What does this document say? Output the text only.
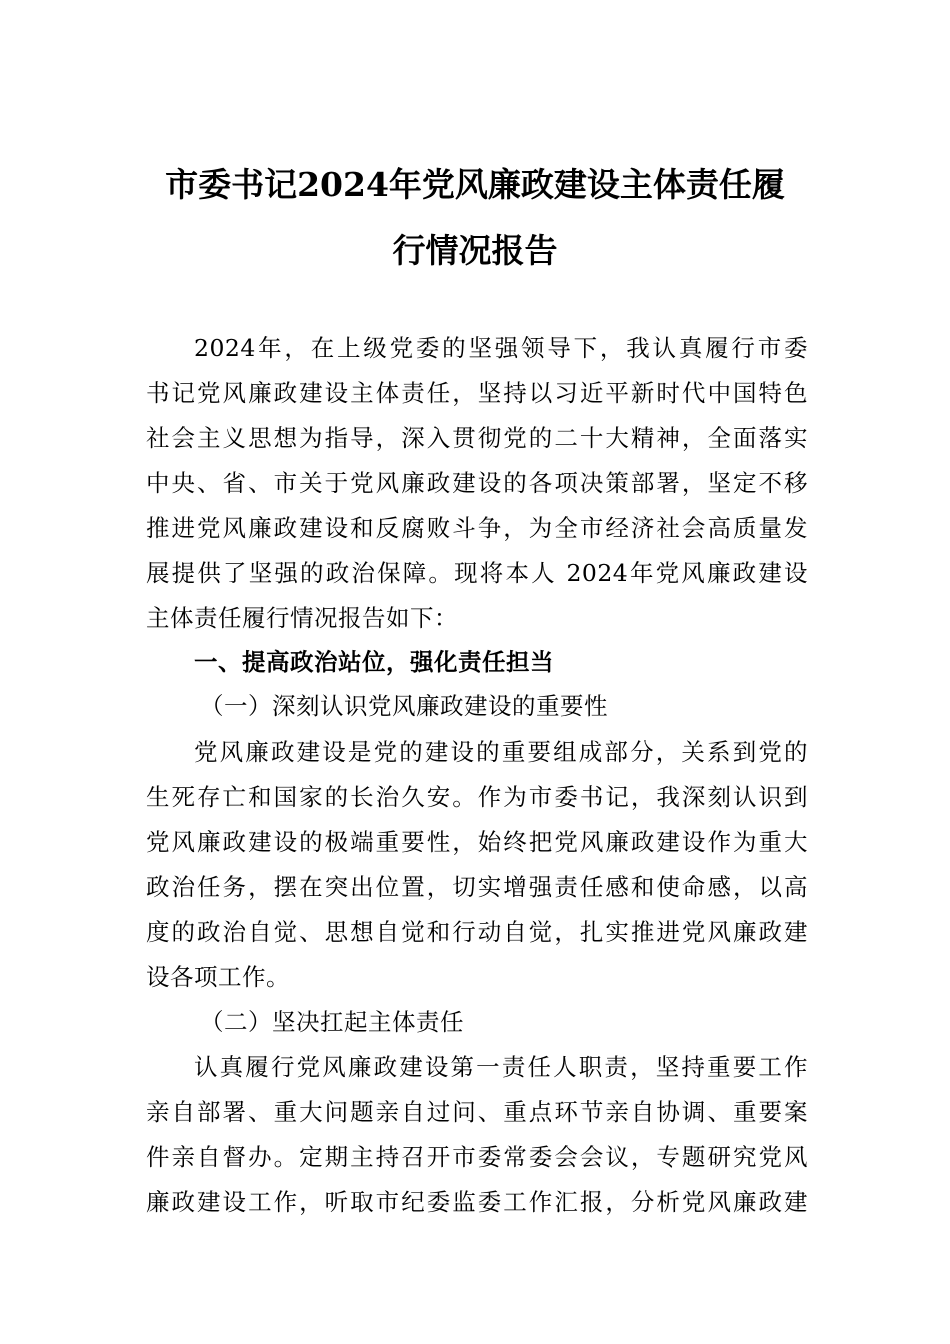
市委书记2024年党风廉政建设主体责任履
行情况报告
2024年，在上级党委的坚强领导下，我认真履行市委
书记党风廉政建设主体责任，坚持以习近平新时代中国特色
社会主义思想为指导，深入贯彻党的二十大精神，全面落实
中央、省、市关于党风廉政建设的各项决策部署，坚定不移
推进党风廉政建设和反腐败斗争，为全市经济社会高质量发
展提供了坚强的政治保障。现将本人 2024年党风廉政建设
主体责任履行情况报告如下：
一、提高政治站位，强化责任担当
（一）深刻认识党风廉政建设的重要性
党风廉政建设是党的建设的重要组成部分，关系到党的
生死存亡和国家的长治久安。作为市委书记，我深刻认识到
党风廉政建设的极端重要性，始终把党风廉政建设作为重大
政治任务，摆在突出位置，切实增强责任感和使命感，以高
度的政治自觉、思想自觉和行动自觉，扎实推进党风廉政建
设各项工作。
（二）坚决扛起主体责任
认真履行党风廉政建设第一责任人职责，坚持重要工作
亲自部署、重大问题亲自过问、重点环节亲自协调、重要案
件亲自督办。定期主持召开市委常委会会议，专题研究党风
廉政建设工作，听取市纪委监委工作汇报，分析党风廉政建
